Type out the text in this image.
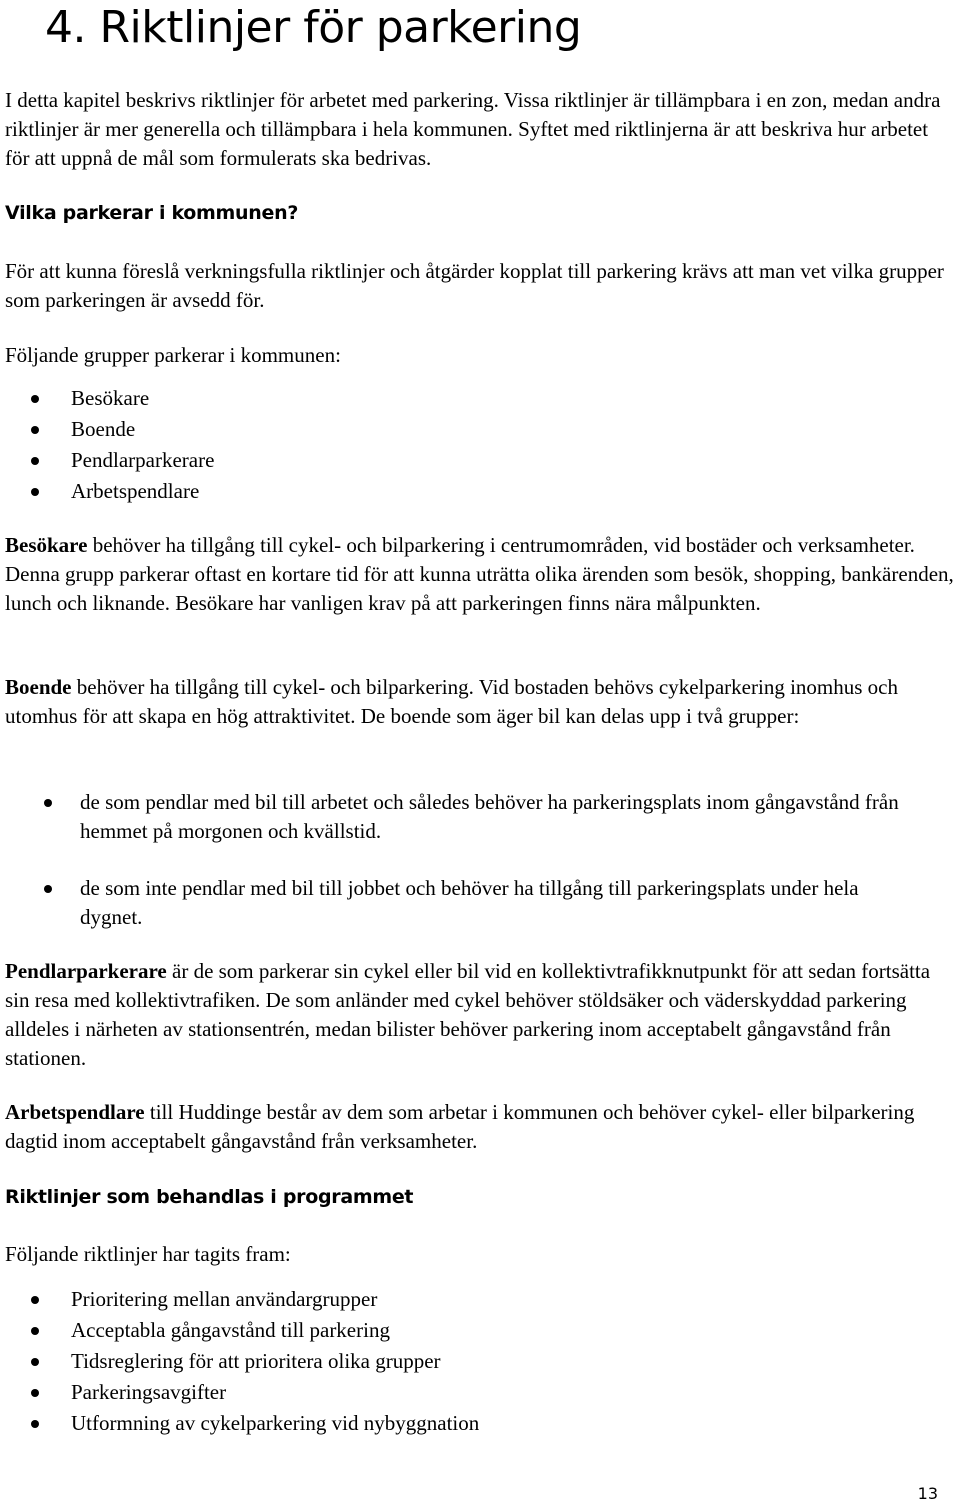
4. Riktlinjer för parkering

I detta kapitel beskrivs riktlinjer för arbetet med parkering. Vissa riktlinjer är tillämpbara i en zon, medan andra riktlinjer är mer generella och tillämpbara i hela kommunen. Syftet med riktlinjerna är att beskriva hur arbetet för att uppnå de mål som formulerats ska bedrivas.

Vilka parkerar i kommunen?

För att kunna föreslå verkningsfulla riktlinjer och åtgärder kopplat till parkering krävs att man vet vilka grupper som parkeringen är avsedd för.

Följande grupper parkerar i kommunen:

Besökare
Boende
Pendlarparkerare
Arbetspendlare

Besökare behöver ha tillgång till cykel- och bilparkering i centrumområden, vid bostäder och verksamheter. Denna grupp parkerar oftast en kortare tid för att kunna uträtta olika ärenden som besök, shopping, bankärenden, lunch och liknande. Besökare har vanligen krav på att parkeringen finns nära målpunkten.

Boende behöver ha tillgång till cykel- och bilparkering. Vid bostaden behövs cykelparkering inomhus och utomhus för att skapa en hög attraktivitet. De boende som äger bil kan delas upp i två grupper:

de som pendlar med bil till arbetet och således behöver ha parkeringsplats inom gångavstånd från hemmet på morgonen och kvällstid.
de som inte pendlar med bil till jobbet och behöver ha tillgång till parkeringsplats under hela dygnet.

Pendlarparkerare är de som parkerar sin cykel eller bil vid en kollektivtrafikknutpunkt för att sedan fortsätta sin resa med kollektivtrafiken. De som anländer med cykel behöver stöldsäker och väderskyddad parkering alldeles i närheten av stationsentrén, medan bilister behöver parkering inom acceptabelt gångavstånd från stationen.

Arbetspendlare till Huddinge består av dem som arbetar i kommunen och behöver cykel- eller bilparkering dagtid inom acceptabelt gångavstånd från verksamheter.

Riktlinjer som behandlas i programmet

Följande riktlinjer har tagits fram:

Prioritering mellan användargrupper
Acceptabla gångavstånd till parkering
Tidsreglering för att prioritera olika grupper
Parkeringsavgifter
Utformning av cykelparkering vid nybyggnation
13
